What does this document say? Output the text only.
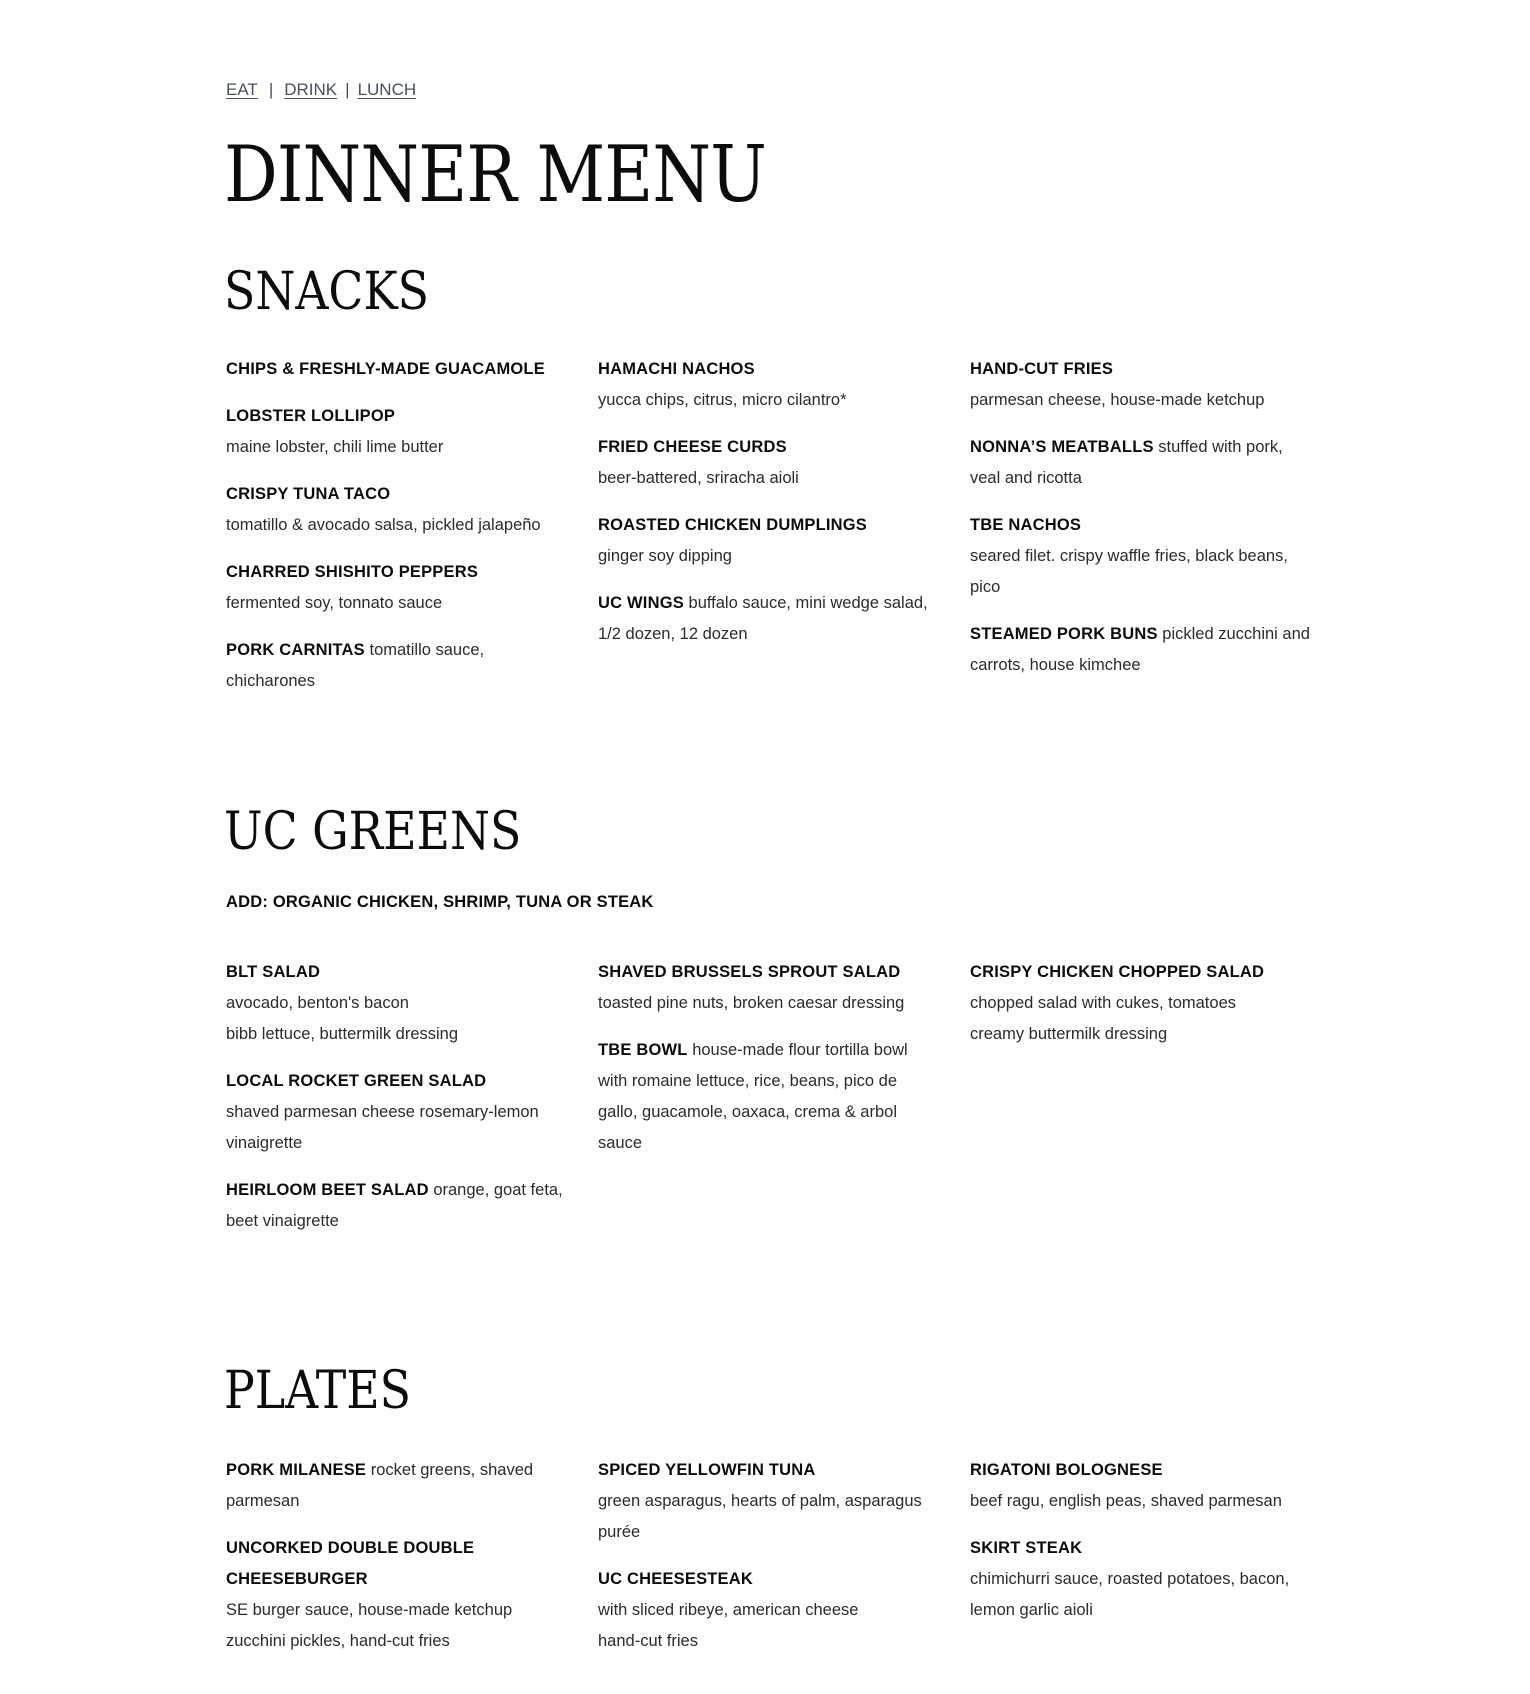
EAT | DRINK | LUNCH
DINNER MENU
SNACKS
CHIPS & FRESHLY-MADE GUACAMOLE
LOBSTER LOLLIPOP
maine lobster, chili lime butter
CRISPY TUNA TACO
tomatillo & avocado salsa, pickled jalapeño
CHARRED SHISHITO PEPPERS
fermented soy, tonnato sauce
PORK CARNITAS tomatillo sauce, chicharones
HAMACHI NACHOS
yucca chips, citrus, micro cilantro*
FRIED CHEESE CURDS
beer-battered, sriracha aioli
ROASTED CHICKEN DUMPLINGS
ginger soy dipping
UC WINGS buffalo sauce, mini wedge salad, 1/2 dozen, 12 dozen
HAND-CUT FRIES
parmesan cheese, house-made ketchup
NONNA’S MEATBALLS stuffed with pork, veal and ricotta
TBE NACHOS
seared filet. crispy waffle fries, black beans, pico
STEAMED PORK BUNS pickled zucchini and carrots, house kimchee
UC GREENS
ADD: ORGANIC CHICKEN, SHRIMP, TUNA OR STEAK
BLT SALAD
avocado, benton's bacon
bibb lettuce, buttermilk dressing
LOCAL ROCKET GREEN SALAD
shaved parmesan cheese rosemary-lemon vinaigrette
HEIRLOOM BEET SALAD orange, goat feta, beet vinaigrette
SHAVED BRUSSELS SPROUT SALAD
toasted pine nuts, broken caesar dressing
TBE BOWL house-made flour tortilla bowl with romaine lettuce, rice, beans, pico de gallo, guacamole, oaxaca, crema & arbol sauce
CRISPY CHICKEN CHOPPED SALAD
chopped salad with cukes, tomatoes
creamy buttermilk dressing
PLATES
PORK MILANESE rocket greens, shaved parmesan
UNCORKED DOUBLE DOUBLE CHEESEBURGER
SE burger sauce, house-made ketchup
zucchini pickles, hand-cut fries
SPICED YELLOWFIN TUNA
green asparagus, hearts of palm, asparagus purée
UC CHEESESTEAK
with sliced ribeye, american cheese
hand-cut fries
RIGATONI BOLOGNESE
beef ragu, english peas, shaved parmesan
SKIRT STEAK
chimichurri sauce, roasted potatoes, bacon, lemon garlic aioli
